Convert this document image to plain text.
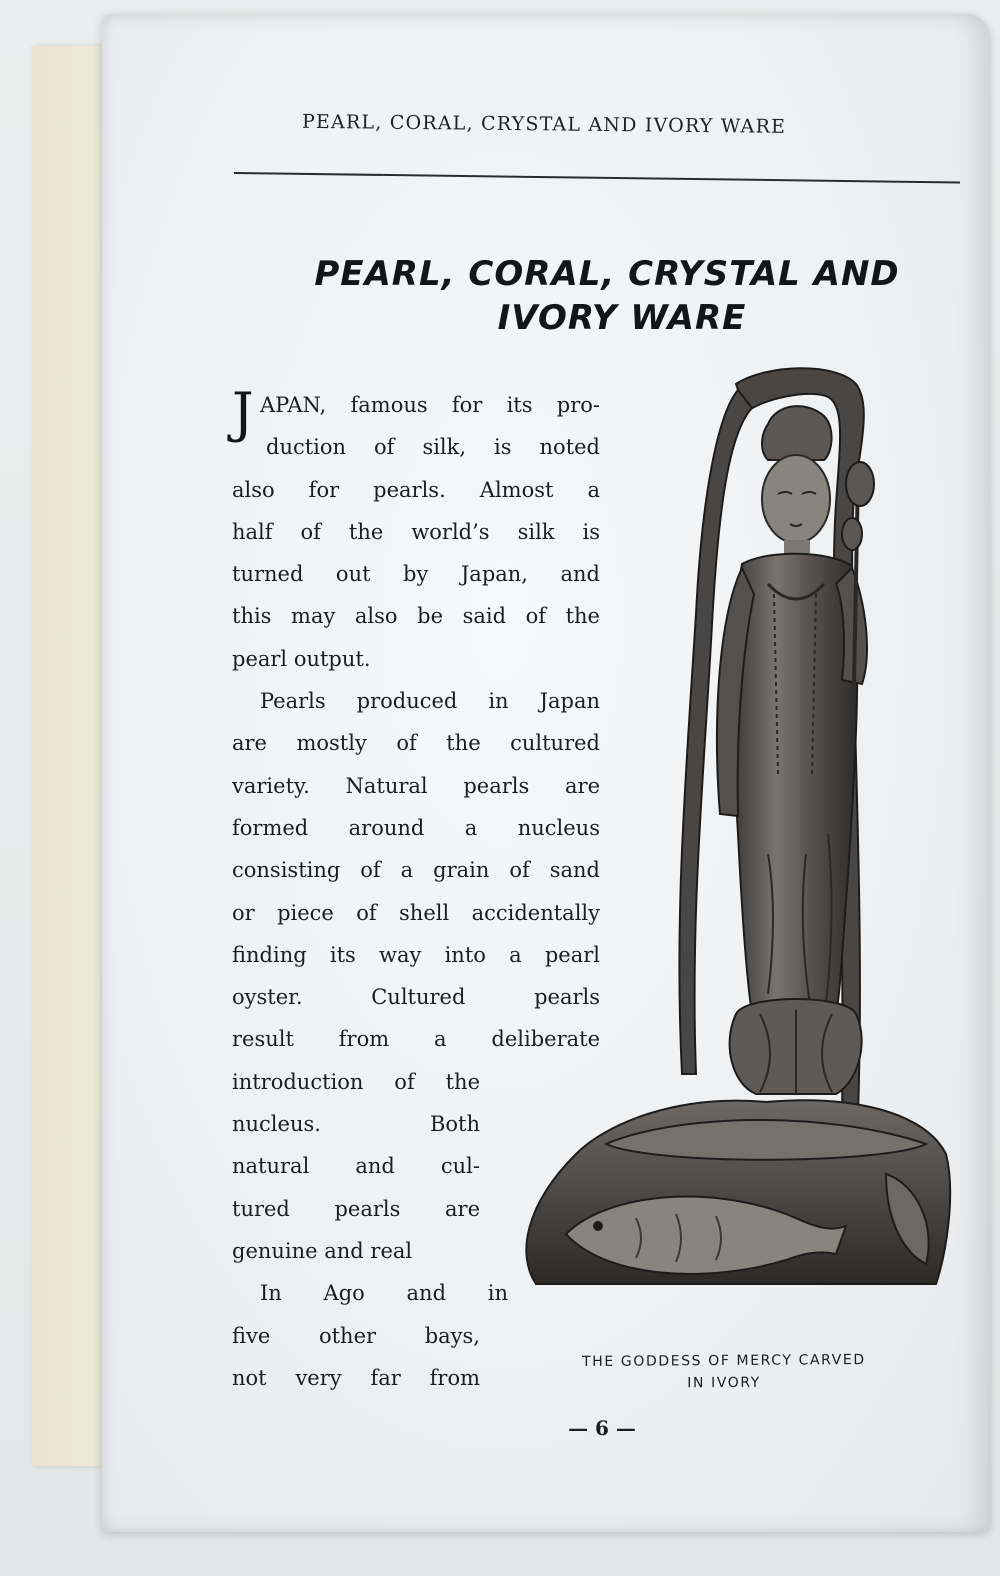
PEARL, CORAL, CRYSTAL AND IVORY WARE
PEARL, CORAL, CRYSTAL AND
IVORY WARE
J APAN, famous for its pro-
duction of silk, is noted
also for pearls. Almost a
half of the world’s silk is
turned out by Japan, and
this may also be said of the
pearl output.
Pearls produced in Japan
are mostly of the cultured
variety. Natural pearls are
formed around a nucleus
consisting of a grain of sand
or piece of shell accidentally
finding its way into a pearl
oyster. Cultured pearls
result from a deliberate
introduction of the
nucleus. Both
natural and cul-
tured pearls are
genuine and real
In Ago and in
five other bays,
not very far from
THE GODDESS OF MERCY CARVED
IN IVORY
— 6 —
